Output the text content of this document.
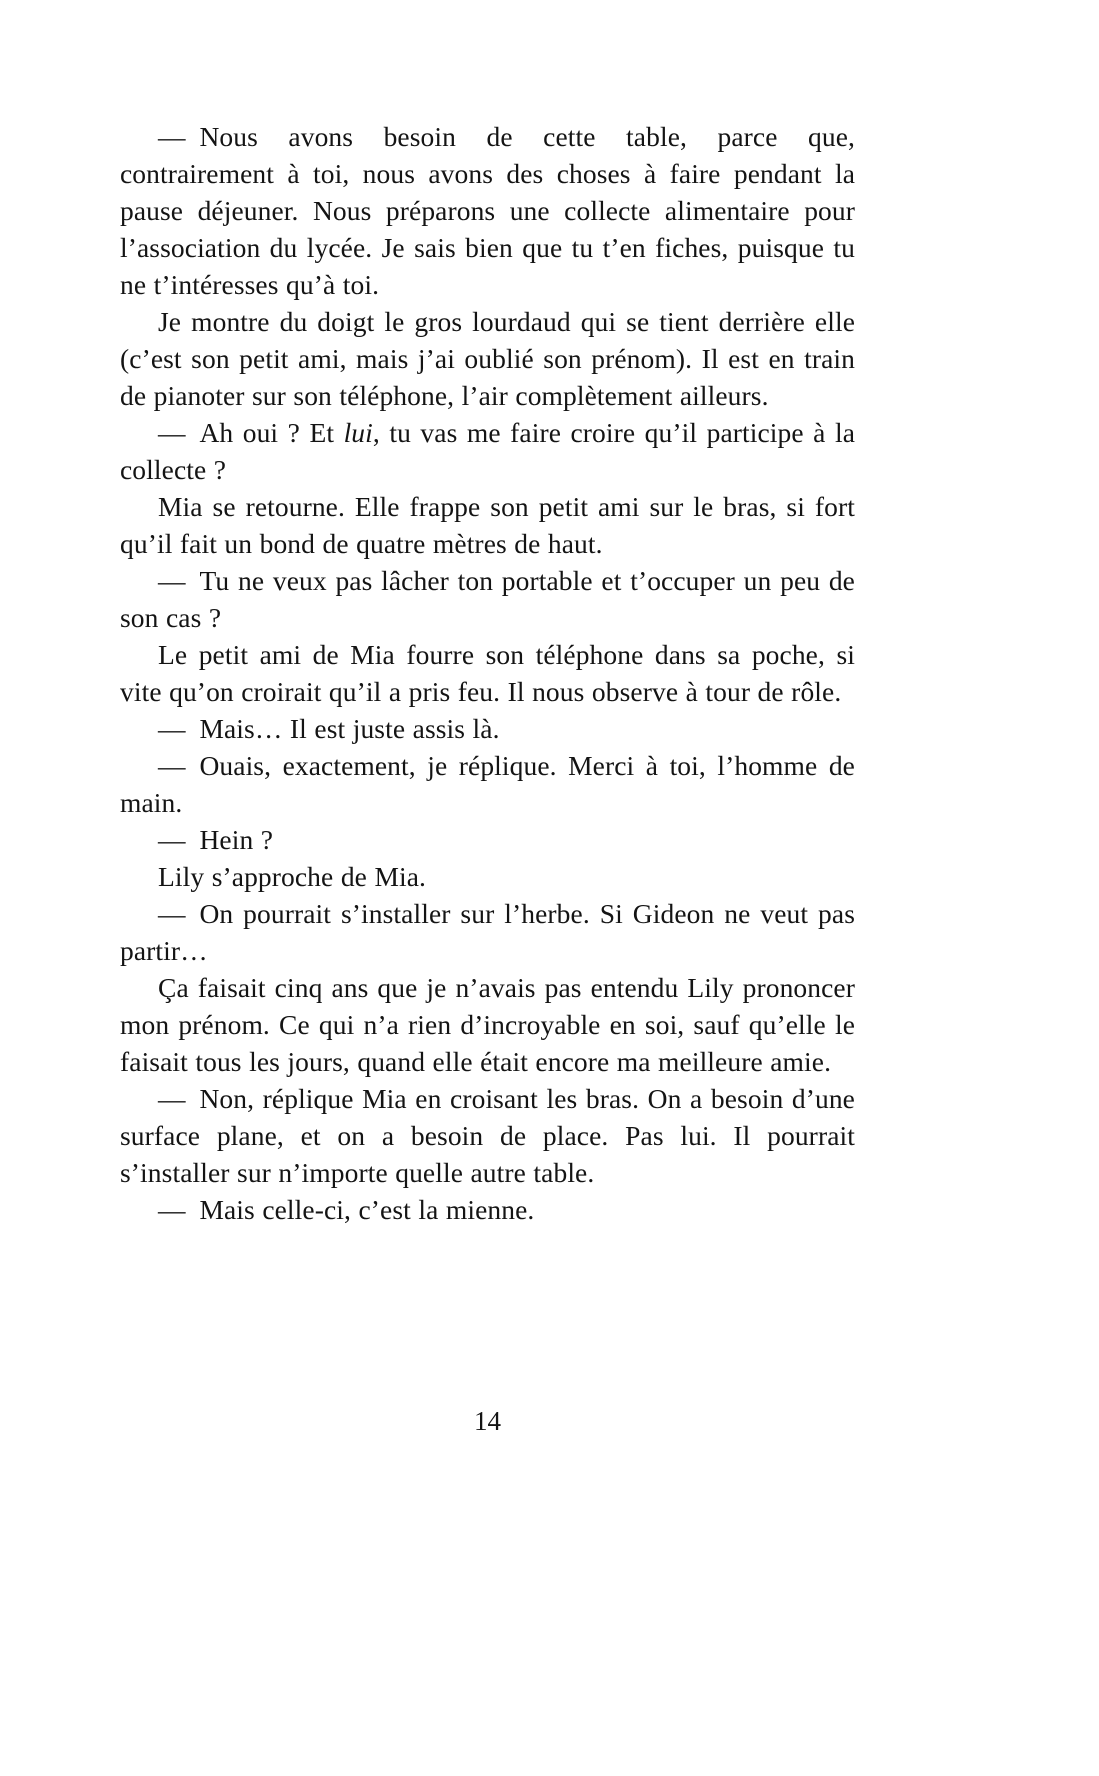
— Nous avons besoin de cette table, parce que, contrairement à toi, nous avons des choses à faire pendant la pause déjeuner. Nous préparons une collecte alimentaire pour l’association du lycée. Je sais bien que tu t’en fiches, puisque tu ne t’intéresses qu’à toi.

Je montre du doigt le gros lourdaud qui se tient derrière elle (c’est son petit ami, mais j’ai oublié son prénom). Il est en train de pianoter sur son téléphone, l’air complètement ailleurs.

— Ah oui ? Et lui, tu vas me faire croire qu’il participe à la collecte ?

Mia se retourne. Elle frappe son petit ami sur le bras, si fort qu’il fait un bond de quatre mètres de haut.

— Tu ne veux pas lâcher ton portable et t’occuper un peu de son cas ?

Le petit ami de Mia fourre son téléphone dans sa poche, si vite qu’on croirait qu’il a pris feu. Il nous observe à tour de rôle.

— Mais… Il est juste assis là.

— Ouais, exactement, je réplique. Merci à toi, l’homme de main.

— Hein ?

Lily s’approche de Mia.

— On pourrait s’installer sur l’herbe. Si Gideon ne veut pas partir…

Ça faisait cinq ans que je n’avais pas entendu Lily prononcer mon prénom. Ce qui n’a rien d’incroyable en soi, sauf qu’elle le faisait tous les jours, quand elle était encore ma meilleure amie.

— Non, réplique Mia en croisant les bras. On a besoin d’une surface plane, et on a besoin de place. Pas lui. Il pourrait s’installer sur n’importe quelle autre table.

— Mais celle-ci, c’est la mienne.

14
